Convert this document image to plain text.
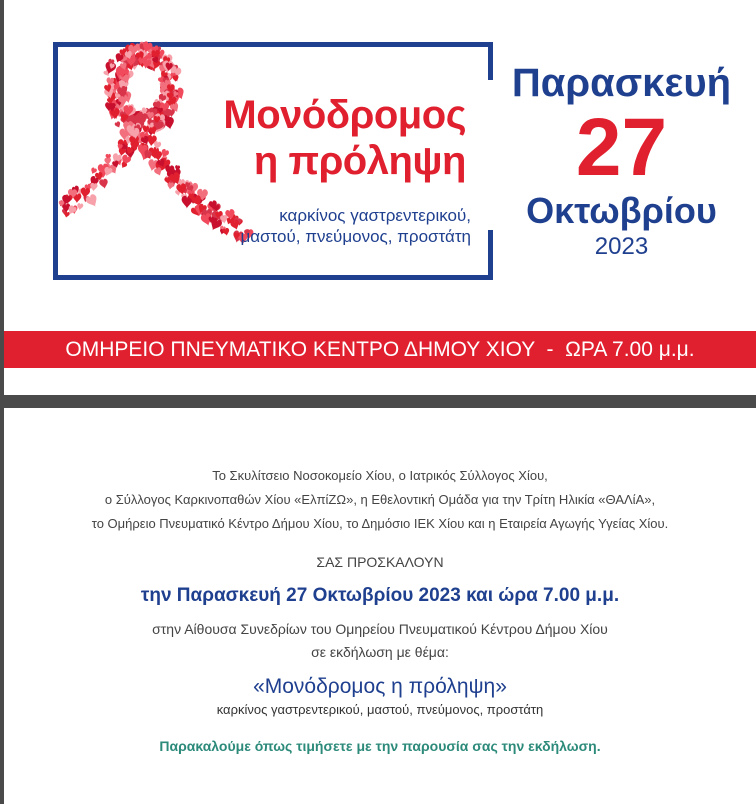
Μονόδρομος
η πρόληψη
καρκίνος γαστρεντερικού,
μαστού, πνεύμονος, προστάτη
Παρασκευή
27
Οκτωβρίου
2023
ΟΜΗΡΕΙΟ ΠΝΕΥΜΑΤΙΚΟ ΚΕΝΤΡΟ ΔΗΜΟΥ ΧΙΟΥ  -  ΩΡΑ 7.00 μ.μ.
Το Σκυλίτσειο Νοσοκομείο Χίου, ο Ιατρικός Σύλλογος Χίου,
ο Σύλλογος Καρκινοπαθών Χίου «ΕλπίΖΩ», η Εθελοντική Ομάδα για την Τρίτη Ηλικία «ΘΑΛίΑ»,
το Ομήρειο Πνευματικό Κέντρο Δήμου Χίου, το Δημόσιο ΙΕΚ Χίου και η Εταιρεία Αγωγής Υγείας Χίου.
ΣΑΣ ΠΡΟΣΚΑΛΟΥΝ
την Παρασκευή 27 Οκτωβρίου 2023 και ώρα 7.00 μ.μ.
στην Αίθουσα Συνεδρίων του Ομηρείου Πνευματικού Κέντρου Δήμου Χίου
σε εκδήλωση με θέμα:
«Μονόδρομος η πρόληψη»
καρκίνος γαστρεντερικού, μαστού, πνεύμονος, προστάτη
Παρακαλούμε όπως τιμήσετε με την παρουσία σας την εκδήλωση.
